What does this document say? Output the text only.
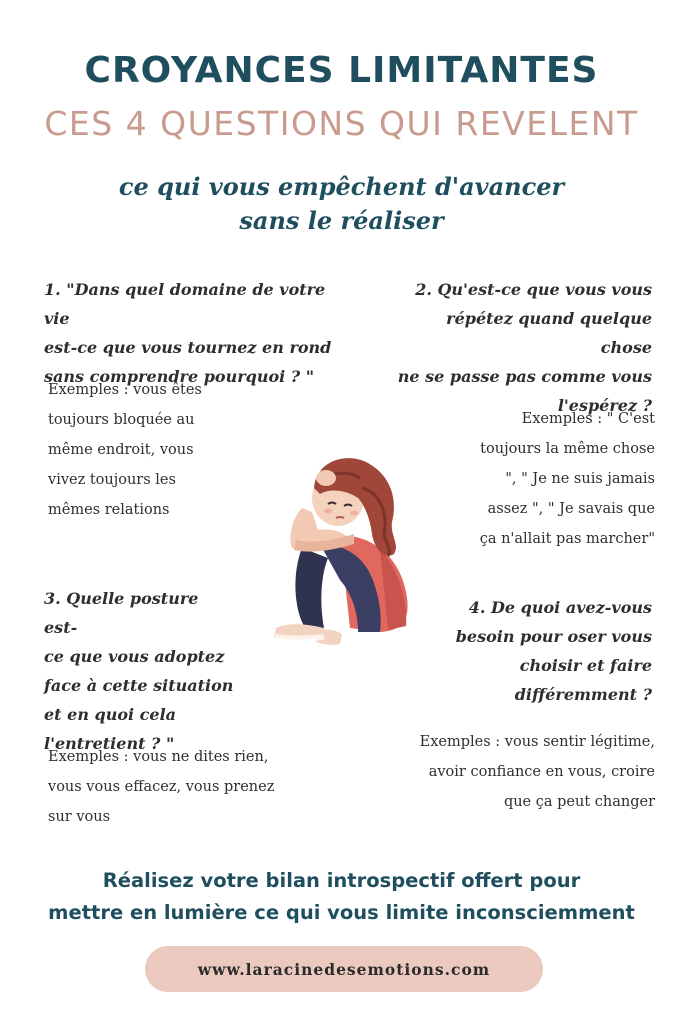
CROYANCES LIMITANTES
CES 4 QUESTIONS QUI REVELENT
ce qui vous empêchent d'avancer
sans le réaliser
1. "Dans quel domaine de votre vie
est-ce que vous tournez en rond
sans comprendre pourquoi ? "
Exemples : vous êtes
toujours bloquée au
même endroit, vous
vivez toujours les
mêmes relations
2. Qu'est-ce que vous vous
répétez quand quelque chose
ne se passe pas comme vous
l'espérez ?
Exemples : " C'est
toujours la même chose
", " Je ne suis jamais
assez ", " Je savais que
ça n'allait pas marcher"
3. Quelle posture est-
ce que vous adoptez
face à cette situation
et en quoi cela
l'entretient ? "
Exemples : vous ne dites rien,
vous vous effacez, vous prenez
sur vous
4. De quoi avez-vous
besoin pour oser vous
choisir et faire
différemment ?
Exemples : vous sentir légitime,
avoir confiance en vous, croire
que ça peut changer
Réalisez votre bilan introspectif offert pour
mettre en lumière ce qui vous limite inconsciemment
www.laracinedesemotions.com
